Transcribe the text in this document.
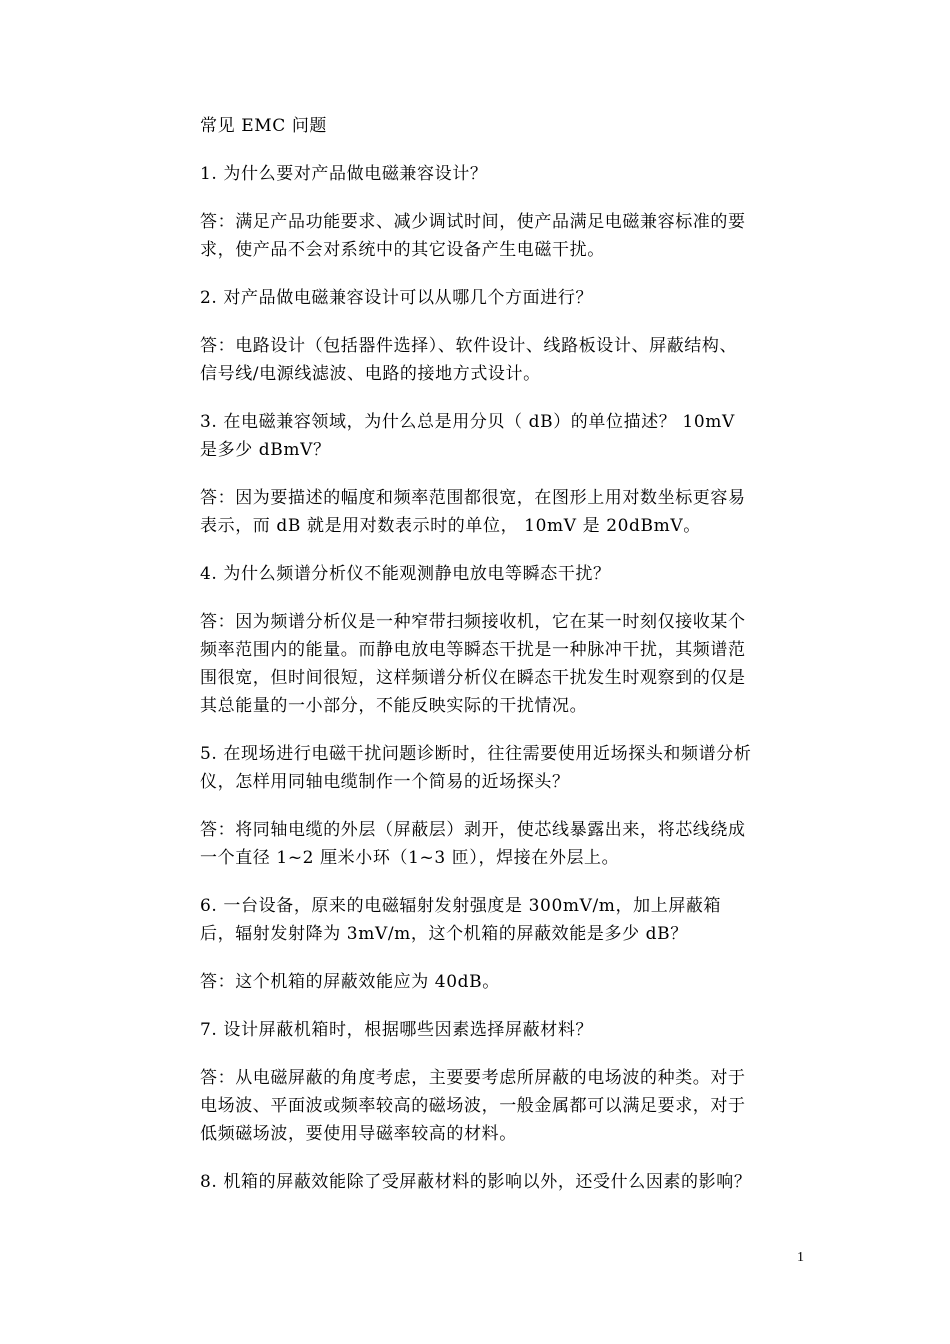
常见 EMC 问题

1. 为什么要对产品做电磁兼容设计？

答：满足产品功能要求、减少调试时间，使产品满足电磁兼容标准的要求，使产品不会对系统中的其它设备产生电磁干扰。

2. 对产品做电磁兼容设计可以从哪几个方面进行？

答：电路设计（包括器件选择）、软件设计、线路板设计、屏蔽结构、信号线/电源线滤波、电路的接地方式设计。

3. 在电磁兼容领域，为什么总是用分贝（ dB）的单位描述？ 10mV 是多少 dBmV？

答：因为要描述的幅度和频率范围都很宽，在图形上用对数坐标更容易表示，而 dB 就是用对数表示时的单位， 10mV 是 20dBmV。

4. 为什么频谱分析仪不能观测静电放电等瞬态干扰？

答：因为频谱分析仪是一种窄带扫频接收机，它在某一时刻仅接收某个频率范围内的能量。而静电放电等瞬态干扰是一种脉冲干扰，其频谱范围很宽，但时间很短，这样频谱分析仪在瞬态干扰发生时观察到的仅是其总能量的一小部分，不能反映实际的干扰情况。

5. 在现场进行电磁干扰问题诊断时，往往需要使用近场探头和频谱分析仪，怎样用同轴电缆制作一个简易的近场探头？

答：将同轴电缆的外层（屏蔽层）剥开，使芯线暴露出来，将芯线绕成一个直径 1~2 厘米小环（1~3 匝），焊接在外层上。

6. 一台设备，原来的电磁辐射发射强度是 300mV/m，加上屏蔽箱后，辐射发射降为 3mV/m，这个机箱的屏蔽效能是多少 dB？

答：这个机箱的屏蔽效能应为 40dB。

7. 设计屏蔽机箱时，根据哪些因素选择屏蔽材料？

答：从电磁屏蔽的角度考虑，主要要考虑所屏蔽的电场波的种类。对于电场波、平面波或频率较高的磁场波，一般金属都可以满足要求，对于低频磁场波，要使用导磁率较高的材料。

8. 机箱的屏蔽效能除了受屏蔽材料的影响以外，还受什么因素的影响？

1
